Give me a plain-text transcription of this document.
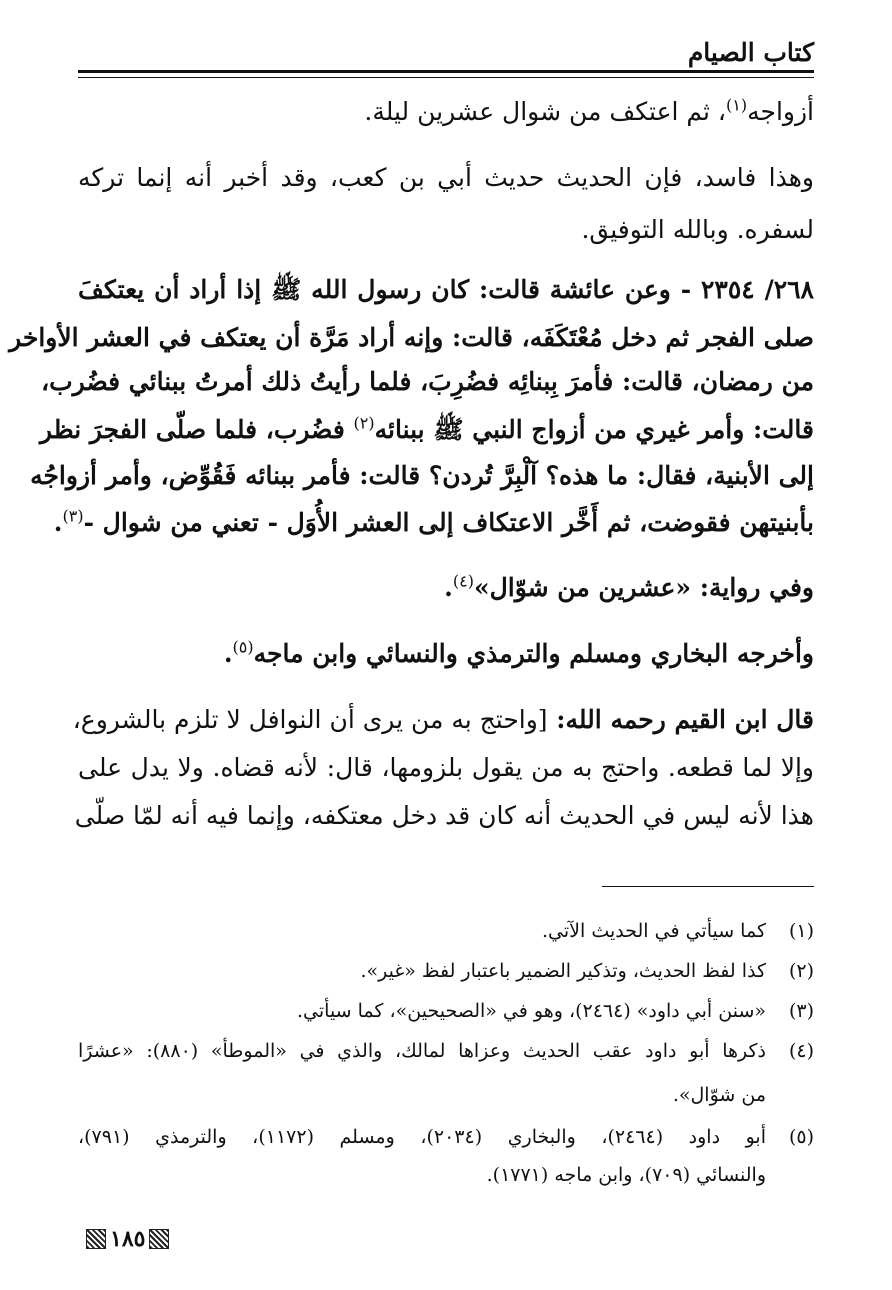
كتاب الصيام
أزواجه$^{(١)}$، ثم اعتكف من شوال عشرين ليلة.
وهذا فاسد، فإن الحديث حديث أبي بن كعب، وقد أخبر أنه إنما تركه
لسفره. وبالله التوفيق.
٢٦٨/ ٢٣٥٤ - وعن عائشة قالت: كان رسول الله ﷺ إذا أراد أن يعتكفَ
صلى الفجر ثم دخل مُعْتَكَفَه، قالت: وإنه أراد مَرَّة أن يعتكف في العشر الأواخر
من رمضان، قالت: فأمرَ بِبنائِه فضُرِبَ، فلما رأيتُ ذلك أمرتُ ببنائي فضُرب،
قالت: وأمر غيري من أزواج النبي ﷺ ببنائه$^{(٢)}$ فضُرب، فلما صلّى الفجرَ نظر
إلى الأبنية، فقال: ما هذه؟ آلْبِرَّ تُردن؟ قالت: فأمر ببنائه فَقُوِّض، وأمر أزواجُه
بأبنيتهن فقوضت، ثم أَخَّر الاعتكاف إلى العشر الأُوَل - تعني من شوال -$^{(٣)}$.
وفي رواية: «عشرين من شوّال»$^{(٤)}$.
وأخرجه البخاري ومسلم والترمذي والنسائي وابن ماجه$^{(٥)}$.
قال ابن القيم رحمه الله: [واحتج به من يرى أن النوافل لا تلزم بالشروع،
وإلا لما قطعه. واحتج به من يقول بلزومها، قال: لأنه قضاه. ولا يدل على
هذا لأنه ليس في الحديث أنه كان قد دخل معتكفه، وإنما فيه أنه لمّا صلّى
(١)كما سيأتي في الحديث الآتي.
(٢)كذا لفظ الحديث، وتذكير الضمير باعتبار لفظ «غير».
(٣)«سنن أبي داود» (٢٤٦٤)، وهو في «الصحيحين»، كما سيأتي.
(٤)ذكرها أبو داود عقب الحديث وعزاها لمالك، والذي في «الموطأ» (٨٨٠): «عشرًا
من شوّال».
(٥)أبو داود (٢٤٦٤)، والبخاري (٢٠٣٤)، ومسلم (١١٧٢)، والترمذي (٧٩١)،
والنسائي (٧٠٩)، وابن ماجه (١٧٧١).
١٨٥
